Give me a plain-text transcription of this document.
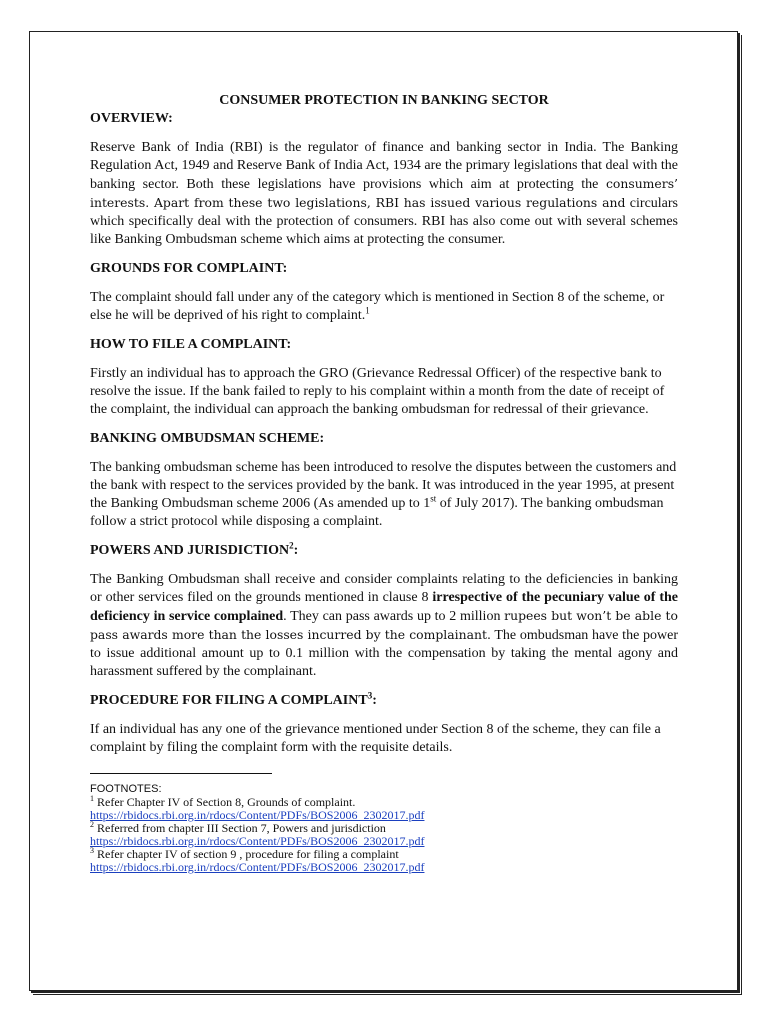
CONSUMER PROTECTION IN BANKING SECTOR

OVERVIEW:

Reserve Bank of India (RBI) is the regulator of finance and banking sector in India. The Banking Regulation Act, 1949 and Reserve Bank of India Act, 1934 are the primary legislations that deal with the banking sector. Both these legislations have provisions which aim at protecting the consumers’ interests. Apart from these two legislations, RBI has issued various regulations and circulars which specifically deal with the protection of consumers. RBI has also come out with several schemes like Banking Ombudsman scheme which aims at protecting the consumer.

GROUNDS FOR COMPLAINT:

The complaint should fall under any of the category which is mentioned in Section 8 of the scheme, or else he will be deprived of his right to complaint.$^1$

HOW TO FILE A COMPLAINT:

Firstly an individual has to approach the GRO (Grievance Redressal Officer) of the respective bank to resolve the issue. If the bank failed to reply to his complaint within a month from the date of receipt of the complaint, the individual can approach the banking ombudsman for redressal of their grievance.

BANKING OMBUDSMAN SCHEME:

The banking ombudsman scheme has been introduced to resolve the disputes between the customers and the bank with respect to the services provided by the bank. It was introduced in the year 1995, at present the Banking Ombudsman scheme 2006 (As amended up to 1st of July 2017). The banking ombudsman follow a strict protocol while disposing a complaint.

POWERS AND JURISDICTION$^2$:

The Banking Ombudsman shall receive and consider complaints relating to the deficiencies in banking or other services filed on the grounds mentioned in clause 8 irrespective of the pecuniary value of the deficiency in service complained. They can pass awards up to 2 million rupees but won’t be able to pass awards more than the losses incurred by the complainant. The ombudsman have the power to issue additional amount up to 0.1 million with the compensation by taking the mental agony and harassment suffered by the complainant.

PROCEDURE FOR FILING A COMPLAINT$^3$:

If an individual has any one of the grievance mentioned under Section 8 of the scheme, they can file a complaint by filing the complaint form with the requisite details.

FOOTNOTES:

$^1$ Refer Chapter IV of Section 8, Grounds of complaint.

https://rbidocs.rbi.org.in/rdocs/Content/PDFs/BOS2006_2302017.pdf

$^2$ Referred from chapter III Section 7, Powers and jurisdiction

https://rbidocs.rbi.org.in/rdocs/Content/PDFs/BOS2006_2302017.pdf

$^3$ Refer chapter IV of section 9 , procedure for filing a complaint

https://rbidocs.rbi.org.in/rdocs/Content/PDFs/BOS2006_2302017.pdf
